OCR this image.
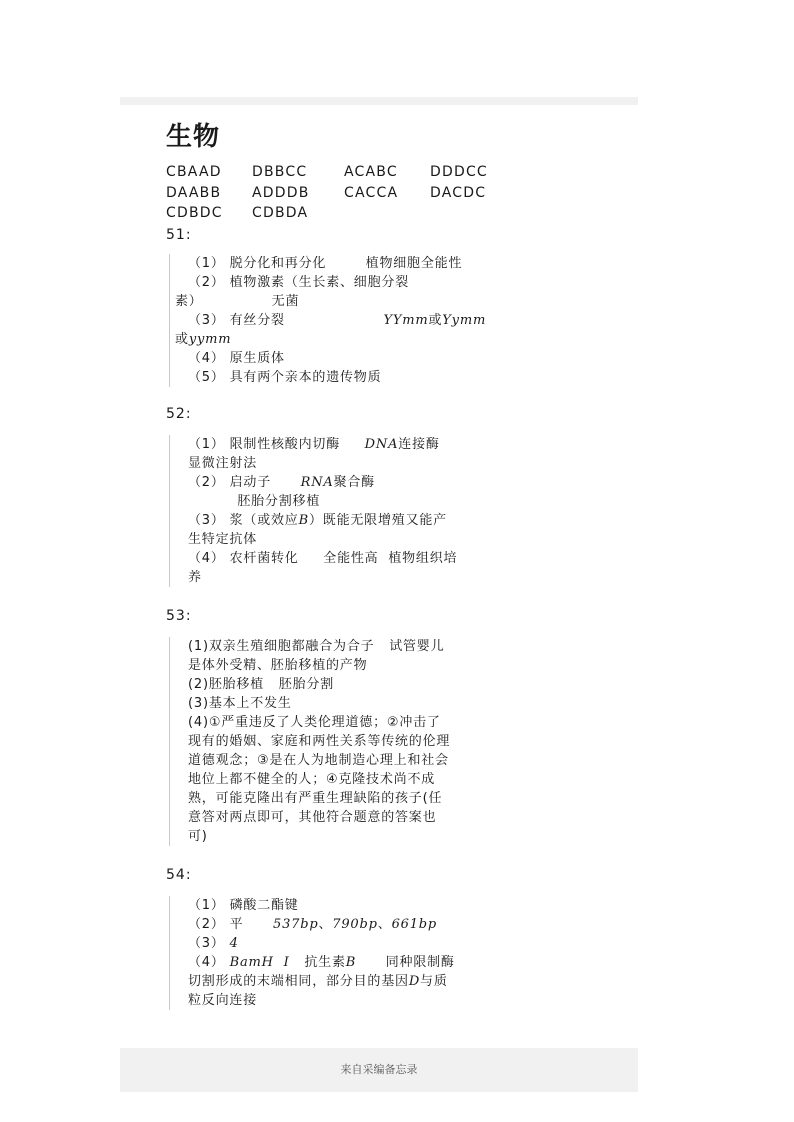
生物
CBAAD DBBCC	ACABC DDDCC
DAABB ADDDB CACCA DACDC
CDBDC CDBDA
51:
（1） 脱分化和再分化        植物细胞全能性
（2） 植物激素（生长素、细胞分裂
素）              无菌
（3） 有丝分裂                    YYmm或Yymm
或yymm
（4） 原生质体
（5） 具有两个亲本的遗传物质
52:
（1） 限制性核酸内切酶     DNA连接酶
显微注射法
（2） 启动子      RNA聚合酶
胚胎分割移植
（3） 浆（或效应B）既能无限增殖又能产
生特定抗体
（4） 农杆菌转化     全能性高  植物组织培
养
53:
(1)双亲生殖细胞都融合为合子   试管婴儿
是体外受精、胚胎移植的产物
(2)胚胎移植   胚胎分割
(3)基本上不发生
(4)①严重违反了人类伦理道德；②冲击了
现有的婚姻、家庭和两性关系等传统的伦理
道德观念；③是在人为地制造心理上和社会
地位上都不健全的人；④克隆技术尚不成
熟，可能克隆出有严重生理缺陷的孩子(任
意答对两点即可，其他符合题意的答案也
可)
54:
（1） 磷酸二酯键
（2） 平      537bp、790bp、661bp
（3） 4
（4） BamH  I   抗生素B      同种限制酶
切割形成的末端相同，部分目的基因D与质
粒反向连接
来自采编备忘录
